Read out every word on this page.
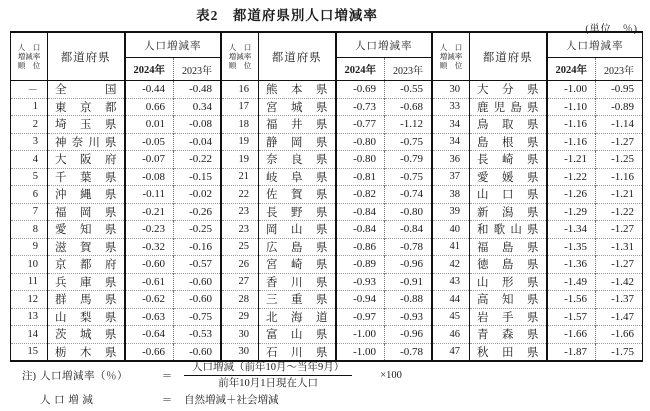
表2　都道府県別人口増減率
(単位　％)
人　口
増減率
順　位	都道府県	人口増減率	
		2024年	2023年
－	全国	-0.44	-0.48
1	東京都	0.66	0.34
2	埼玉県	0.01	-0.08
3	神奈川県	-0.05	-0.04
4	大阪府	-0.07	-0.22
5	千葉県	-0.08	-0.15
6	沖縄県	-0.11	-0.02
7	福岡県	-0.21	-0.26
8	愛知県	-0.23	-0.25
9	滋賀県	-0.32	-0.16
10	京都府	-0.60	-0.57
11	兵庫県	-0.61	-0.60
12	群馬県	-0.62	-0.60
13	山梨県	-0.63	-0.75
14	茨城県	-0.64	-0.53
15	栃木県	-0.66	-0.60
人　口
増減率
順　位	都道府県	人口増減率	
		2024年	2023年
16	熊本県	-0.69	-0.55
17	宮城県	-0.73	-0.68
18	福井県	-0.77	-1.12
19	静岡県	-0.80	-0.75
19	奈良県	-0.80	-0.79
21	岐阜県	-0.81	-0.75
22	佐賀県	-0.82	-0.74
23	長野県	-0.84	-0.80
23	岡山県	-0.84	-0.84
25	広島県	-0.86	-0.78
26	宮崎県	-0.89	-0.96
27	香川県	-0.93	-0.91
28	三重県	-0.94	-0.88
29	北海道	-0.97	-0.93
30	富山県	-1.00	-0.96
30	石川県	-1.00	-0.78
人　口
増減率
順　位	都道府県	人口増減率	
		2024年	2023年
30	大分県	-1.00	-0.95
33	鹿児島県	-1.10	-0.89
34	鳥取県	-1.16	-1.14
34	島根県	-1.16	-1.27
36	長崎県	-1.21	-1.25
37	愛媛県	-1.22	-1.16
38	山口県	-1.26	-1.21
39	新潟県	-1.29	-1.22
40	和歌山県	-1.34	-1.27
41	福島県	-1.35	-1.31
42	徳島県	-1.36	-1.27
43	山形県	-1.49	-1.42
44	高知県	-1.56	-1.37
45	岩手県	-1.57	-1.47
46	青森県	-1.66	-1.66
47	秋田県	-1.87	-1.75
注) 人口増減率（％）	＝	$\frac{\text{人口増減（前年10月～当年9月）}}{\text{前年10月1日現在人口}}$	×100
人 口 増 減	＝	自然増減＋社会増減
